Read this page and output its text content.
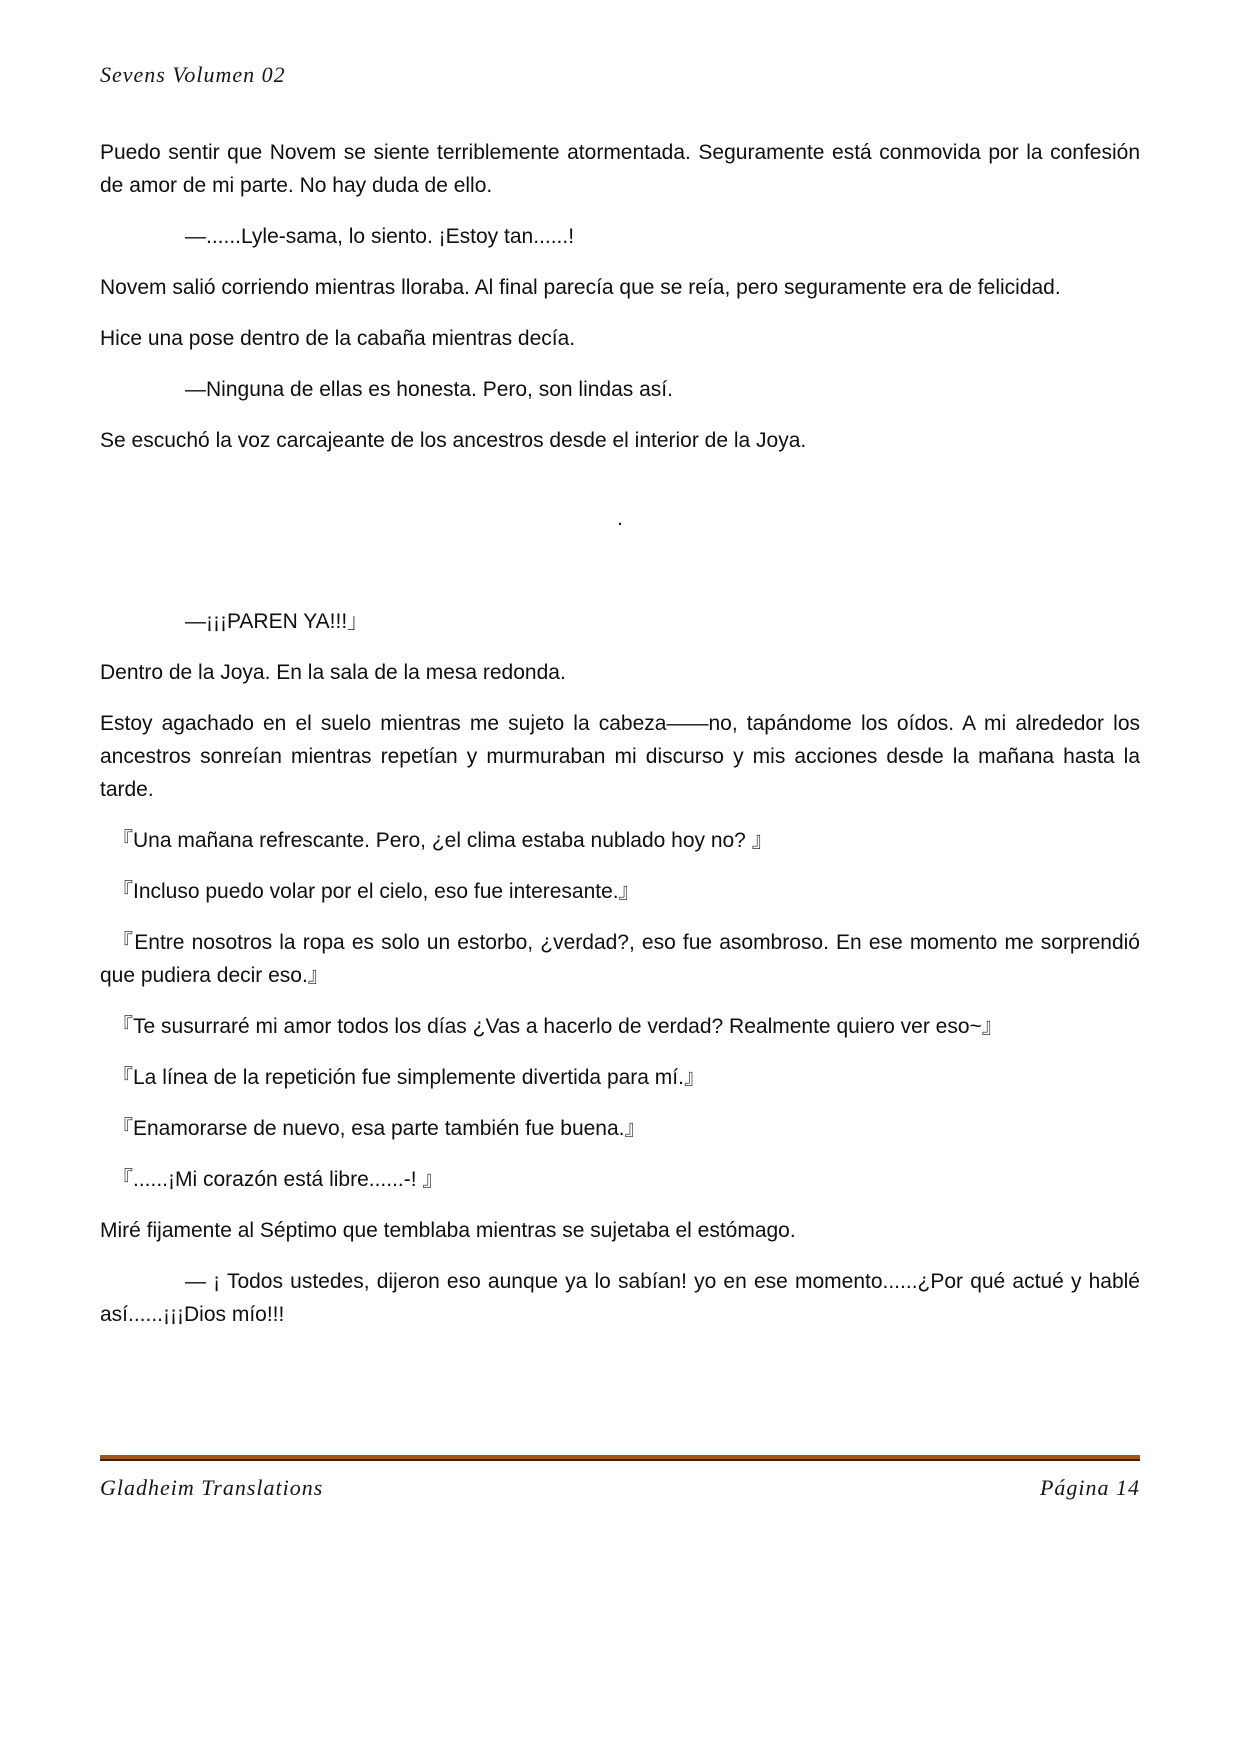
Sevens Volumen 02

Puedo sentir que Novem se siente terriblemente atormentada. Seguramente está conmovida por la confesión de amor de mi parte. No hay duda de ello.

—......Lyle-sama, lo siento. ¡Estoy tan......!

Novem salió corriendo mientras lloraba. Al final parecía que se reía, pero seguramente era de felicidad.

Hice una pose dentro de la cabaña mientras decía.

—Ninguna de ellas es honesta. Pero, son lindas así.

Se escuchó la voz carcajeante de los ancestros desde el interior de la Joya.

.

—¡¡¡PAREN YA!!!」

Dentro de la Joya. En la sala de la mesa redonda.

Estoy agachado en el suelo mientras me sujeto la cabeza——no, tapándome los oídos. A mi alrededor los ancestros sonreían mientras repetían y murmuraban mi discurso y mis acciones desde la mañana hasta la tarde.

『Una mañana refrescante. Pero, ¿el clima estaba nublado hoy no? 』

『Incluso puedo volar por el cielo, eso fue interesante.』

『Entre nosotros la ropa es solo un estorbo, ¿verdad?, eso fue asombroso. En ese momento me sorprendió que pudiera decir eso.』

『Te susurraré mi amor todos los días ¿Vas a hacerlo de verdad? Realmente quiero ver eso~』

『La línea de la repetición fue simplemente divertida para mí.』

『Enamorarse de nuevo, esa parte también fue buena.』

『......¡Mi corazón está libre......-! 』

Miré fijamente al Séptimo que temblaba mientras se sujetaba el estómago.

— ¡ Todos ustedes, dijeron eso aunque ya lo sabían! yo en ese momento......¿Por qué actué y hablé así......¡¡¡Dios mío!!!

Gladheim Translations	Página 14
